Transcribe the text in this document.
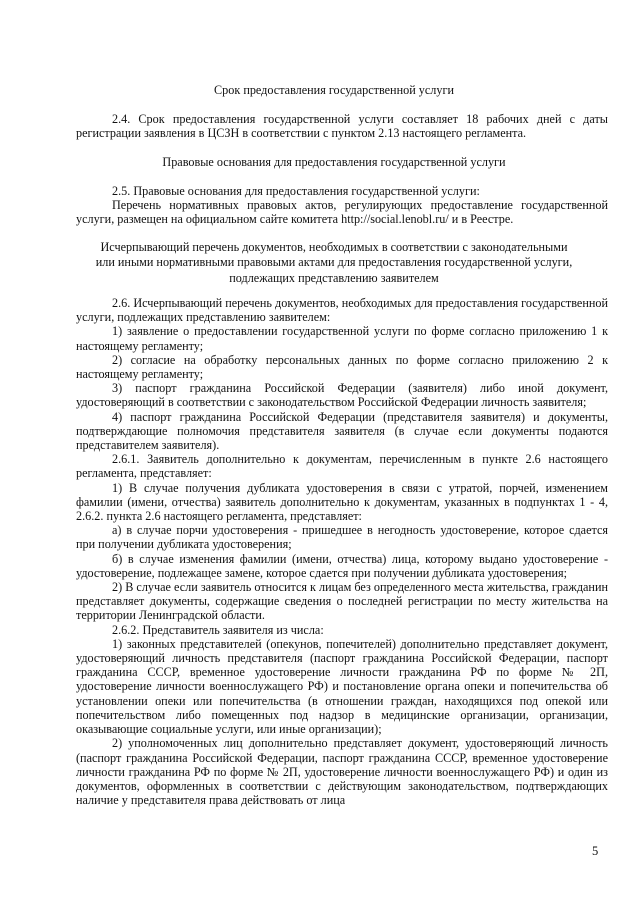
Срок предоставления государственной услуги

2.4. Срок предоставления государственной услуги составляет 18 рабочих дней с даты регистрации заявления в ЦСЗН в соответствии с пунктом 2.13 настоящего регламента.

Правовые основания для предоставления государственной услуги

2.5. Правовые основания для предоставления государственной услуги:

Перечень нормативных правовых актов, регулирующих предоставление государственной услуги, размещен на официальном сайте комитета http://social.lenobl.ru/ и в Реестре.

Исчерпывающий перечень документов, необходимых в соответствии с законодательными
или иными нормативными правовыми актами для предоставления государственной услуги,
подлежащих представлению заявителем

2.6. Исчерпывающий перечень документов, необходимых для предоставления государственной услуги, подлежащих представлению заявителем:

1) заявление о предоставлении государственной услуги по форме согласно приложению 1 к настоящему регламенту;

2) согласие на обработку персональных данных по форме согласно приложению 2 к настоящему регламенту;

3) паспорт гражданина Российской Федерации (заявителя) либо иной документ, удостоверяющий в соответствии с законодательством Российской Федерации личность заявителя;

4) паспорт гражданина Российской Федерации (представителя заявителя) и документы, подтверждающие полномочия представителя заявителя (в случае если документы подаются представителем заявителя).

2.6.1. Заявитель дополнительно к документам, перечисленным в пункте 2.6 настоящего регламента, представляет:

1) В случае получения дубликата удостоверения в связи с утратой, порчей, изменением фамилии (имени, отчества) заявитель дополнительно к документам, указанных в подпунктах 1 - 4, 2.6.2. пункта 2.6 настоящего регламента, представляет:

а) в случае порчи удостоверения - пришедшее в негодность удостоверение, которое сдается при получении дубликата удостоверения;

б) в случае изменения фамилии (имени, отчества) лица, которому выдано удостоверение - удостоверение, подлежащее замене, которое сдается при получении дубликата удостоверения;

2) В случае если заявитель относится к лицам без определенного места жительства, гражданин представляет документы, содержащие сведения о последней регистрации по месту жительства на территории Ленинградской области.

2.6.2. Представитель заявителя из числа:

1) законных представителей (опекунов, попечителей) дополнительно представляет документ, удостоверяющий личность представителя (паспорт гражданина Российской Федерации, паспорт гражданина СССР, временное удостоверение личности гражданина РФ по форме № 2П, удостоверение личности военнослужащего РФ) и постановление органа опеки и попечительства об установлении опеки или попечительства (в отношении граждан, находящихся под опекой или попечительством либо помещенных под надзор в медицинские организации, организации, оказывающие социальные услуги, или иные организации);

2) уполномоченных лиц дополнительно представляет документ, удостоверяющий личность (паспорт гражданина Российской Федерации, паспорт гражданина СССР, временное удостоверение личности гражданина РФ по форме № 2П, удостоверение личности военнослужащего РФ) и один из документов, оформленных в соответствии с действующим законодательством, подтверждающих наличие у представителя права действовать от лица

5
